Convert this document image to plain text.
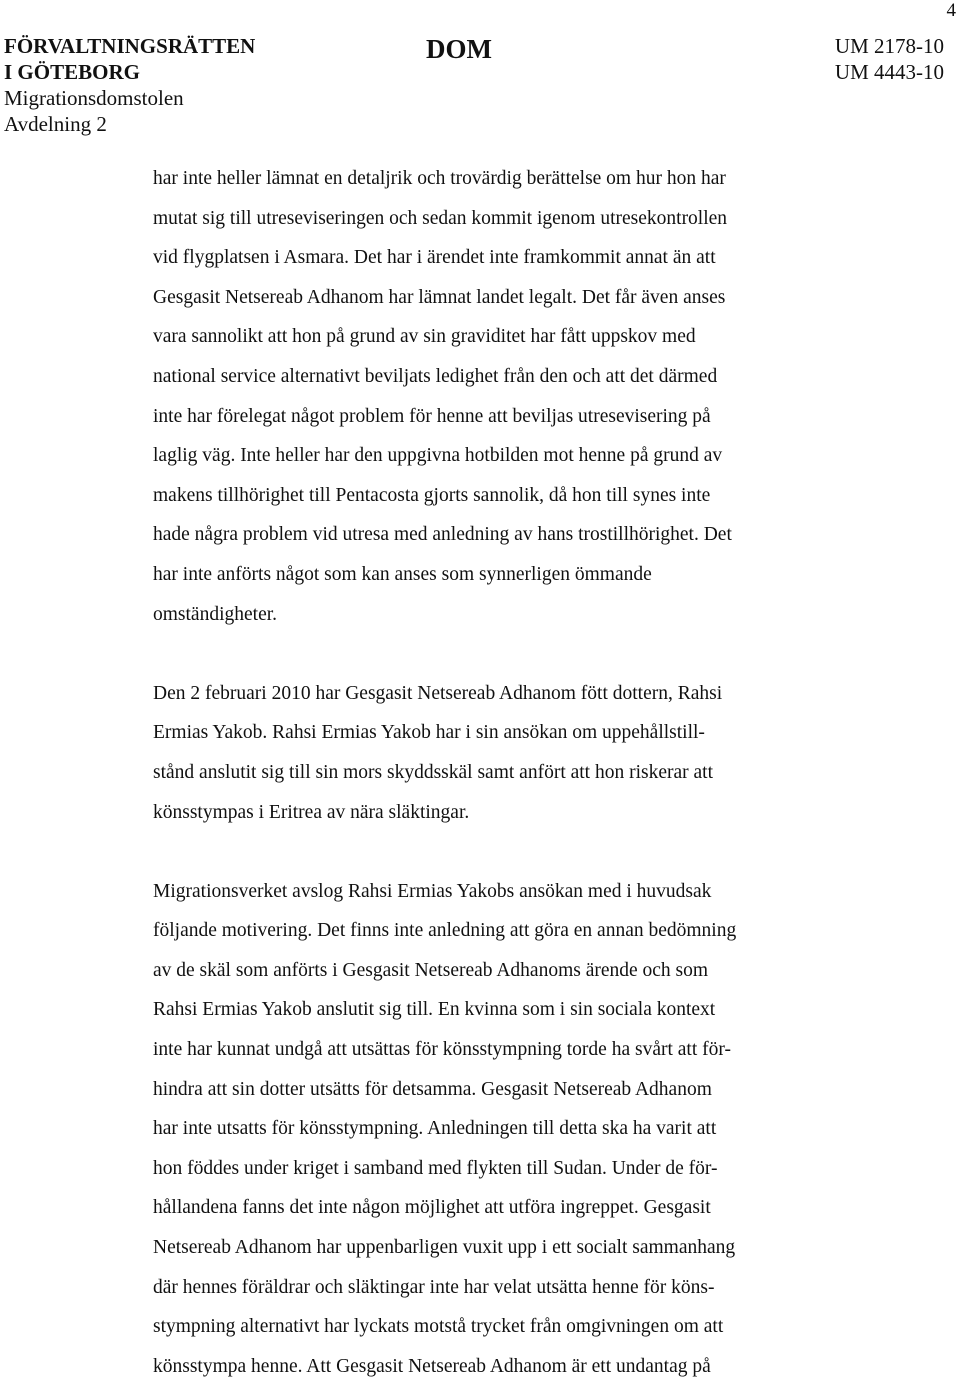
4
FÖRVALTNINGSRÄTTEN
I GÖTEBORG
Migrationsdomstolen
Avdelning 2
DOM	UM 2178-10
UM 4443-10
har inte heller lämnat en detaljrik och trovärdig berättelse om hur hon har
mutat sig till utreseviseringen och sedan kommit igenom utresekontrollen
vid flygplatsen i Asmara. Det har i ärendet inte framkommit annat än att
Gesgasit Netsereab Adhanom har lämnat landet legalt. Det får även anses
vara sannolikt att hon på grund av sin graviditet har fått uppskov med
national service alternativt beviljats ledighet från den och att det därmed
inte har förelegat något problem för henne att beviljas utresevisering på
laglig väg. Inte heller har den uppgivna hotbilden mot henne på grund av
makens tillhörighet till Pentacosta gjorts sannolik, då hon till synes inte
hade några problem vid utresa med anledning av hans trostillhörighet. Det
har inte anförts något som kan anses som synnerligen ömmande
omständigheter.
Den 2 februari 2010 har Gesgasit Netsereab Adhanom fött dottern, Rahsi
Ermias Yakob. Rahsi Ermias Yakob har i sin ansökan om uppehållstill-
stånd anslutit sig till sin mors skyddsskäl samt anfört att hon riskerar att
könsstympas i Eritrea av nära släktingar.
Migrationsverket avslog Rahsi Ermias Yakobs ansökan med i huvudsak
följande motivering. Det finns inte anledning att göra en annan bedömning
av de skäl som anförts i Gesgasit Netsereab Adhanoms ärende och som
Rahsi Ermias Yakob anslutit sig till. En kvinna som i sin sociala kontext
inte har kunnat undgå att utsättas för könsstympning torde ha svårt att för-
hindra att sin dotter utsätts för detsamma. Gesgasit Netsereab Adhanom
har inte utsatts för könsstympning. Anledningen till detta ska ha varit att
hon föddes under kriget i samband med flykten till Sudan. Under de för-
hållandena fanns det inte någon möjlighet att utföra ingreppet. Gesgasit
Netsereab Adhanom har uppenbarligen vuxit upp i ett socialt sammanhang
där hennes föräldrar och släktingar inte har velat utsätta henne för köns-
stympning alternativt har lyckats motstå trycket från omgivningen om att
könsstympa henne. Att Gesgasit Netsereab Adhanom är ett undantag på
